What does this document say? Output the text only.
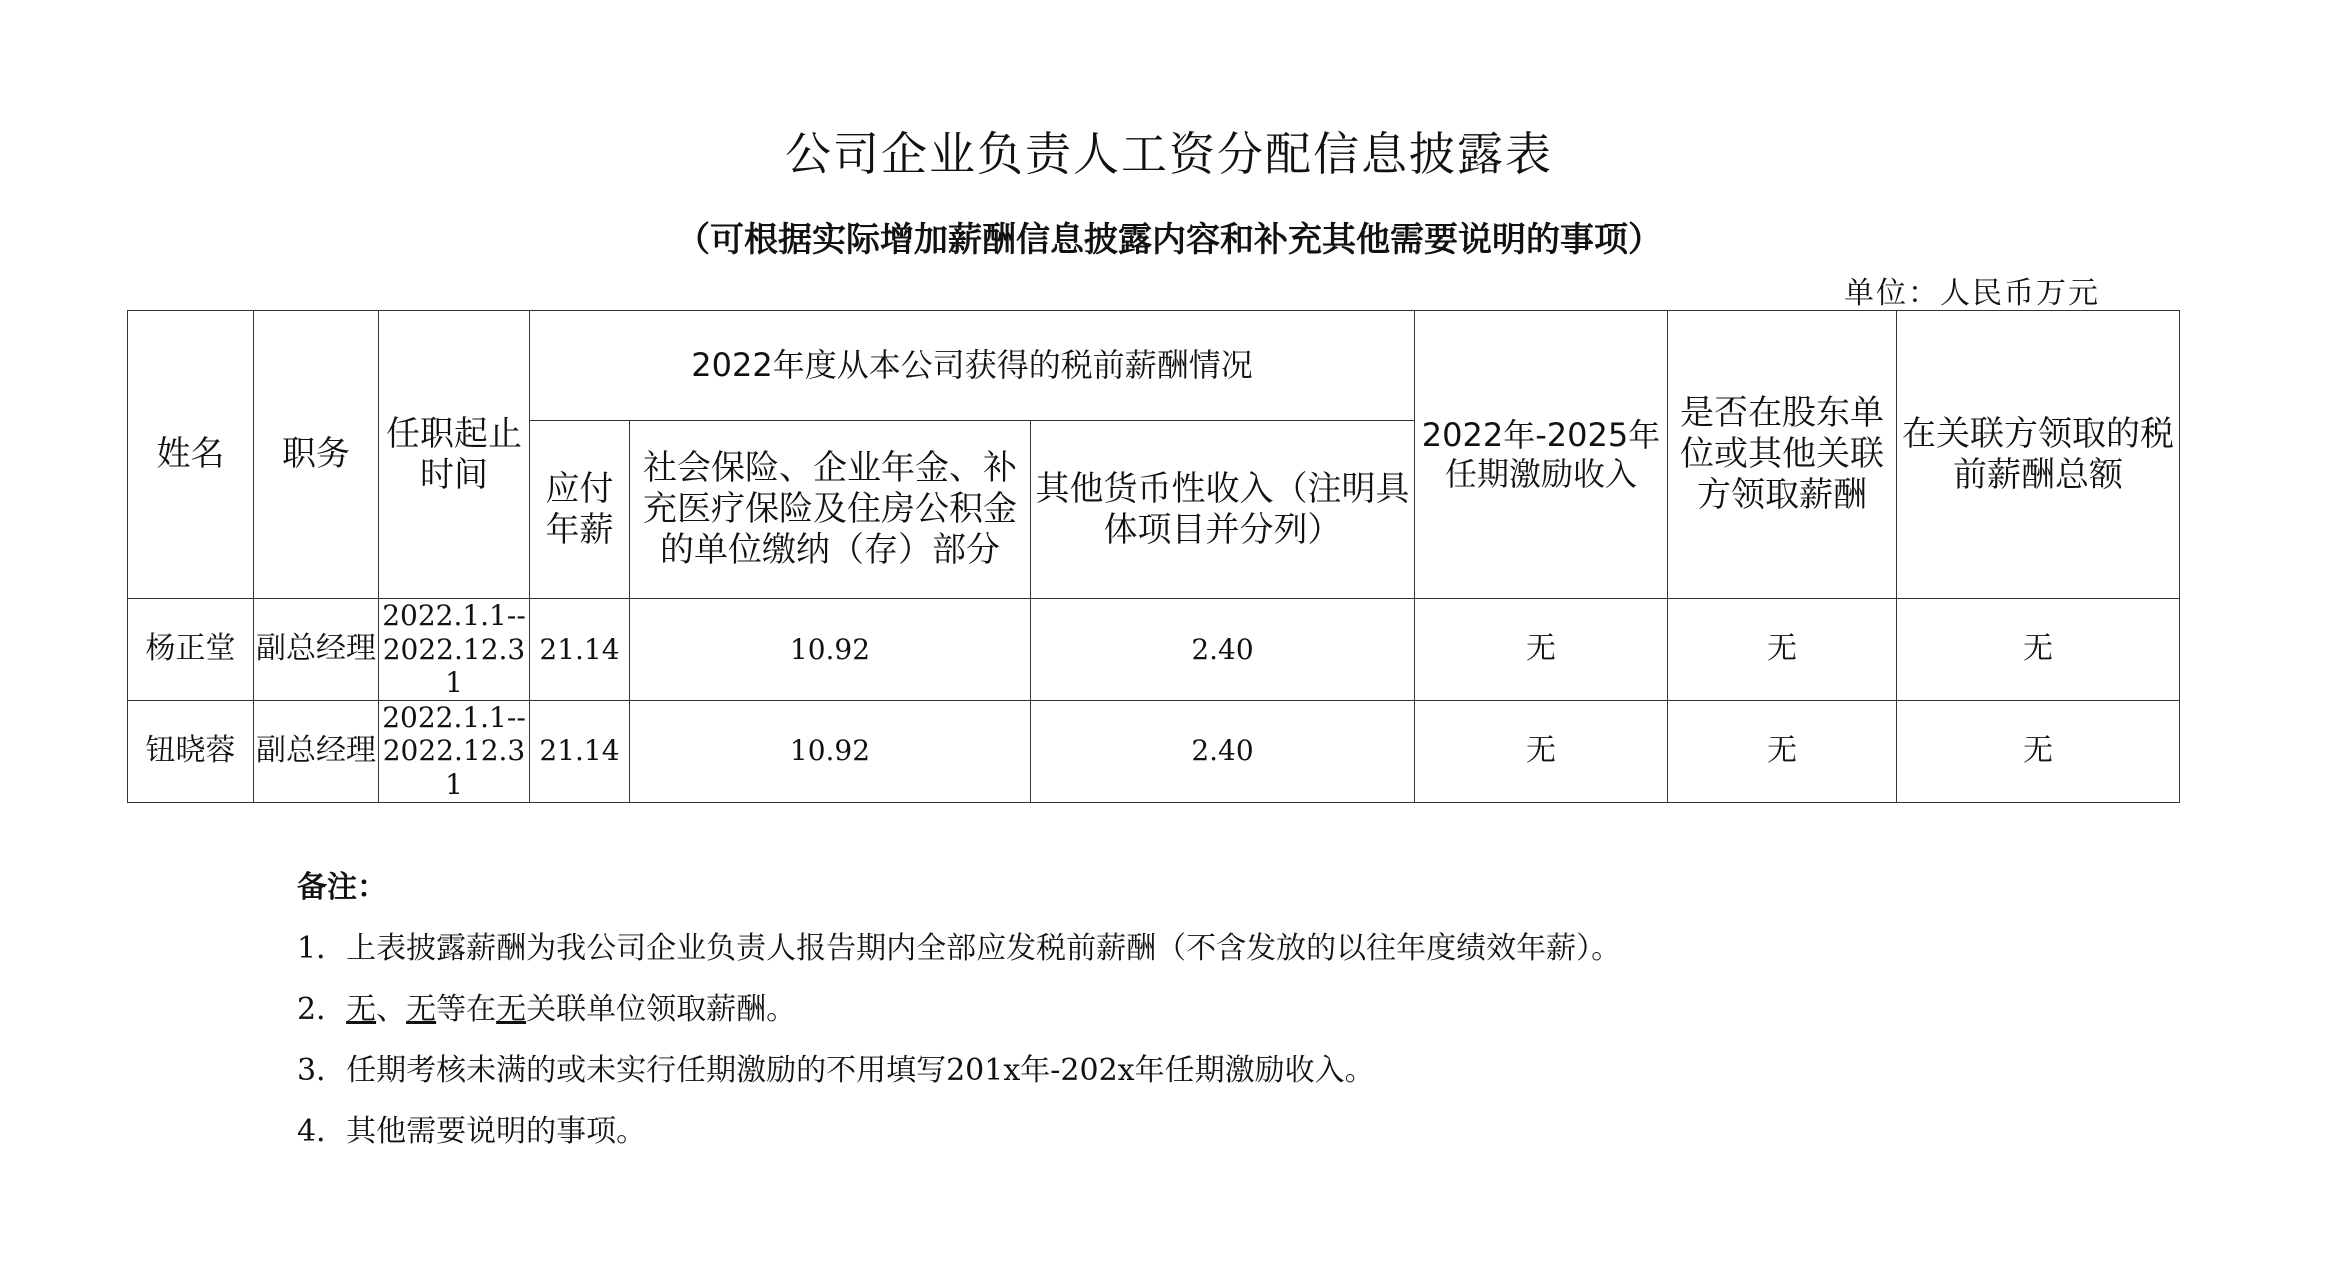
公司企业负责人工资分配信息披露表
（可根据实际增加薪酬信息披露内容和补充其他需要说明的事项）
单位：人民币万元
姓名	职务	任职起止时间	2022年度从本公司获得的税前薪酬情况			2022年-2025年任期激励收入	是否在股东单位或其他关联方领取薪酬	在关联方领取的税前薪酬总额
			应付年薪	社会保险、企业年金、补充医疗保险及住房公积金的单位缴纳（存）部分	其他货币性收入（注明具体项目并分列）			
杨正堂	副总经理	2022.1.1--2022.12.31	21.14	10.92	2.40	无	无	无
钮晓蓉	副总经理	2022.1.1--2022.12.31	21.14	10.92	2.40	无	无	无
备注：
1．上表披露薪酬为我公司企业负责人报告期内全部应发税前薪酬（不含发放的以往年度绩效年薪）。
2．无、无等在无关联单位领取薪酬。
3．任期考核未满的或未实行任期激励的不用填写201x年-202x年任期激励收入。
4．其他需要说明的事项。
